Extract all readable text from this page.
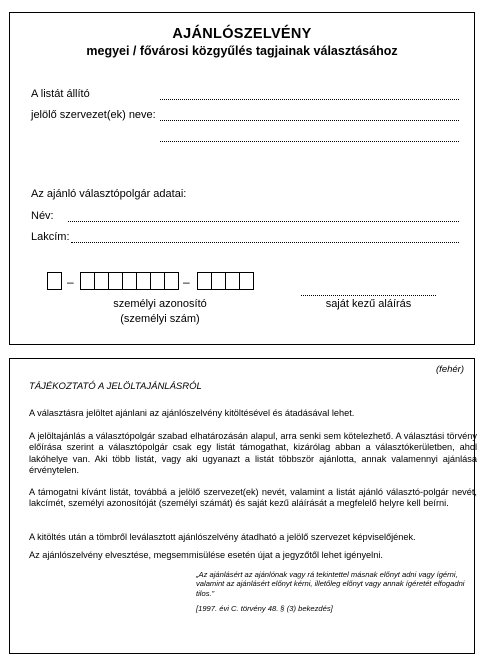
AJÁNLÓSZELVÉNY
megyei / fővárosi közgyűlés tagjainak választásához
A listát állító
jelölő szervezet(ek) neve:
Az ajánló választópolgár adatai:
Név:
Lakcím:
–	–
személyi azonosító
(személyi szám)
saját kezű aláírás
(fehér)
TÁJÉKOZTATÓ A JELÖLTAJÁNLÁSRÓL

A választásra jelöltet ajánlani az ajánlószelvény kitöltésével és átadásával lehet.

A jelöltajánlás a választópolgár szabad elhatározásán alapul, arra senki sem kötelezhető. A választási törvény előírása szerint a választópolgár csak egy listát támogathat, kizárólag abban a választókerületben, ahol lakóhelye van. Aki több listát, vagy aki ugyanazt a listát többször ajánlotta, annak valamennyi ajánlása érvénytelen.

A támogatni kívánt listát, továbbá a jelölő szervezet(ek) nevét, valamint a listát ajánló választó-polgár nevét, lakcímét, személyi azonosítóját (személyi számát) és saját kezű aláírását a megfelelő helyre kell beírni.

A kitöltés után a tömbről leválasztott ajánlószelvény átadható a jelölő szervezet képviselőjének.

Az ajánlószelvény elvesztése, megsemmisülése esetén újat a jegyzőtől lehet igényelni.

„Az ajánlásért az ajánlónak vagy rá tekintettel másnak előnyt adni vagy ígérni, valamint az ajánlásért előnyt kérni, illetőleg előnyt vagy annak ígéretét elfogadni tilos.”
[1997. évi C. törvény 48. § (3) bekezdés]
